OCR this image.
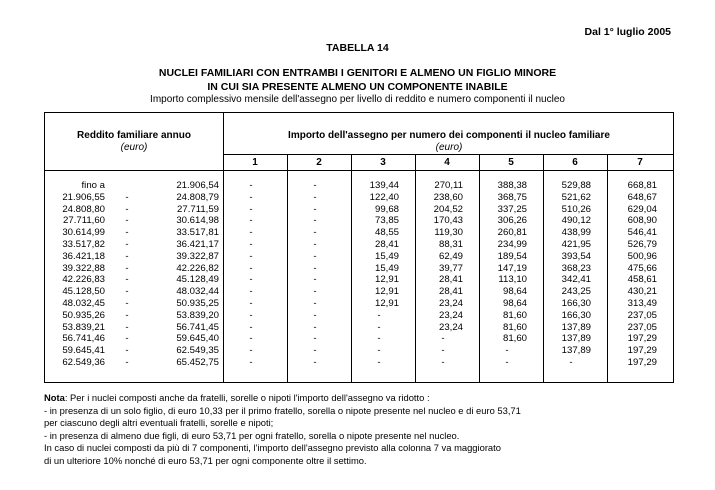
Dal 1° luglio 2005
TABELLA 14
NUCLEI FAMILIARI CON ENTRAMBI I GENITORI E ALMENO UN FIGLIO MINORE
IN CUI SIA PRESENTE ALMENO UN COMPONENTE INABILE
Importo complessivo mensile dell'assegno per livello di reddito e numero componenti il nucleo
Reddito familiare annuo
(euro)
Importo dell'assegno per numero dei componenti il nucleo familiare
(euro)
1	2	3	4	5	6	7
fino a	21.906,54	-	-	139,44	270,11	388,38	529,88	668,81
21.906,55 -	24.808,79	-	-	122,40	238,60	368,75	521,62	648,67
24.808,80 -	27.711,59	-	-	99,68	204,52	337,25	510,26	629,04
27.711,60 -	30.614,98	-	-	73,85	170,43	306,26	490,12	608,90
30.614,99 -	33.517,81	-	-	48,55	119,30	260,81	438,99	546,41
33.517,82 -	36.421,17	-	-	28,41	88,31	234,99	421,95	526,79
36.421,18 -	39.322,87	-	-	15,49	62,49	189,54	393,54	500,96
39.322,88 -	42.226,82	-	-	15,49	39,77	147,19	368,23	475,66
42.226,83 -	45.128,49	-	-	12,91	28,41	113,10	342,41	458,61
45.128,50 -	48.032,44	-	-	12,91	28,41	98,64	243,25	430,21
48.032,45 -	50.935,25	-	-	12,91	23,24	98,64	166,30	313,49
50.935,26 -	53.839,20	-	-	-	23,24	81,60	166,30	237,05
53.839,21 -	56.741,45	-	-	-	23,24	81,60	137,89	237,05
56.741,46 -	59.645,40	-	-	-	-	81,60	137,89	197,29
59.645,41 -	62.549,35	-	-	-	-	-	137,89	197,29
62.549,36 -	65.452,75	-	-	-	-	-	-	197,29
Nota: Per i nuclei composti anche da fratelli, sorelle o nipoti l'importo dell'assegno va ridotto :
- in presenza di un solo figlio, di euro 10,33 per il primo fratello, sorella o nipote presente nel nucleo e di euro 53,71
per ciascuno degli altri eventuali fratelli, sorelle e nipoti;
- in presenza di almeno due figli, di euro 53,71 per ogni fratello, sorella o nipote presente nel nucleo.
In caso di nuclei composti da più di 7 componenti, l'importo dell'assegno previsto alla colonna 7 va maggiorato
di un ulteriore 10% nonché di euro 53,71 per ogni componente oltre il settimo.
